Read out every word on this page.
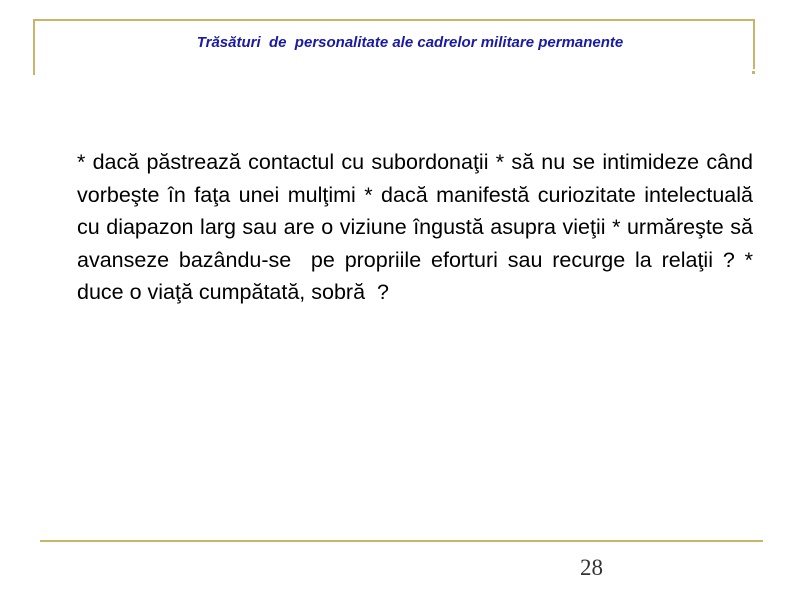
Trăsături  de  personalitate ale cadrelor militare permanente
* dacă păstrează contactul cu subordonaţii * să nu se intimideze când vorbeşte în faţa unei mulţimi * dacă manifestă curiozitate intelectuală cu diapazon larg sau are o viziune îngustă asupra vieţii * urmăreşte să avanseze bazându-se  pe propriile eforturi sau recurge la relaţii ? * duce o viaţă cumpătată, sobră  ?
28
